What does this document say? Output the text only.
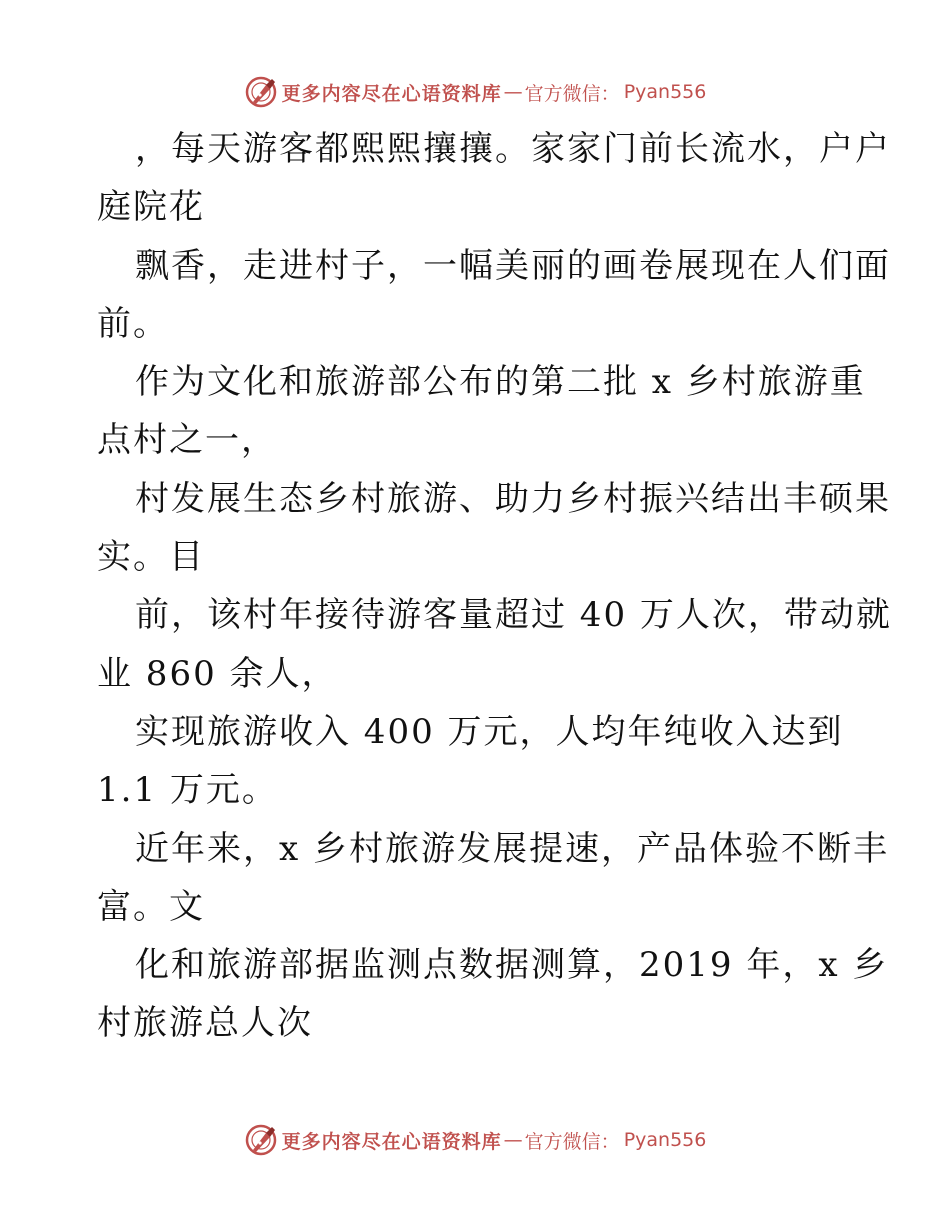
更多内容尽在心语资料库 — 官方微信： Pyan556
，每天游客都熙熙攘攘。家家门前长流水，户户
庭院花
飘香，走进村子，一幅美丽的画卷展现在人们面
前。
作为文化和旅游部公布的第二批 x 乡村旅游重
点村之一，
村发展生态乡村旅游、助力乡村振兴结出丰硕果
实。目
前，该村年接待游客量超过 40 万人次，带动就
业 860 余人，
实现旅游收入 400 万元，人均年纯收入达到
1.1 万元。
近年来，x 乡村旅游发展提速，产品体验不断丰
富。文
化和旅游部据监测点数据测算，2019 年，x 乡
村旅游总人次
更多内容尽在心语资料库 — 官方微信： Pyan556
